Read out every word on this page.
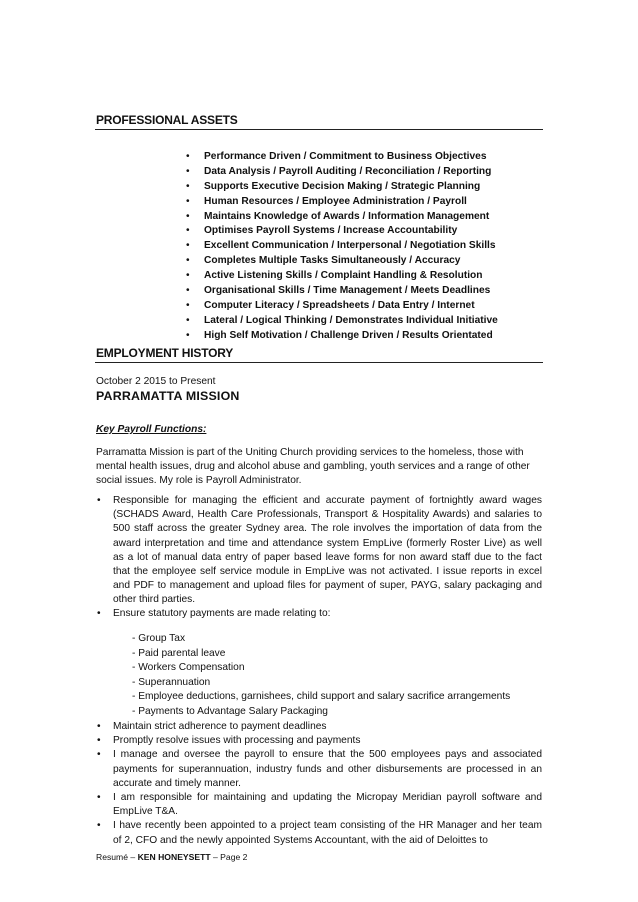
PROFESSIONAL ASSETS
• Performance Driven / Commitment to Business Objectives
• Data Analysis / Payroll Auditing / Reconciliation / Reporting
• Supports Executive Decision Making / Strategic Planning
• Human Resources / Employee Administration / Payroll
• Maintains Knowledge of Awards / Information Management
• Optimises Payroll Systems / Increase Accountability
• Excellent Communication / Interpersonal / Negotiation Skills
• Completes Multiple Tasks Simultaneously / Accuracy
• Active Listening Skills / Complaint Handling & Resolution
• Organisational Skills / Time Management / Meets Deadlines
• Computer Literacy / Spreadsheets / Data Entry / Internet
• Lateral / Logical Thinking / Demonstrates Individual Initiative
• High Self Motivation / Challenge Driven / Results Orientated
EMPLOYMENT HISTORY
October 2 2015 to Present
PARRAMATTA MISSION
Key Payroll Functions:
Parramatta Mission is part of the Uniting Church providing services to the homeless, those with mental health issues, drug and alcohol abuse and gambling, youth services and a range of other social issues. My role is Payroll Administrator.
• Responsible for managing the efficient and accurate payment of fortnightly award wages (SCHADS Award, Health Care Professionals, Transport & Hospitality Awards) and salaries to 500 staff across the greater Sydney area. The role involves the importation of data from the award interpretation and time and attendance system EmpLive (formerly Roster Live) as well as a lot of manual data entry of paper based leave forms for non award staff due to the fact that the employee self service module in EmpLive was not activated. I issue reports in excel and PDF to management and upload files for payment of super, PAYG, salary packaging and other third parties.
• Ensure statutory payments are made relating to:
- Group Tax
- Paid parental leave
- Workers Compensation
- Superannuation
- Employee deductions, garnishees, child support and salary sacrifice arrangements
- Payments to Advantage Salary Packaging
• Maintain strict adherence to payment deadlines
• Promptly resolve issues with processing and payments
• I manage and oversee the payroll to ensure that the 500 employees pays and associated payments for superannuation, industry funds and other disbursements are processed in an accurate and timely manner.
• I am responsible for maintaining and updating the Micropay Meridian payroll software and EmpLive T&A.
• I have recently been appointed to a project team consisting of the HR Manager and her team of 2, CFO and the newly appointed Systems Accountant, with the aid of Deloittes to
Resumé – KEN HONEYSETT – Page 2
